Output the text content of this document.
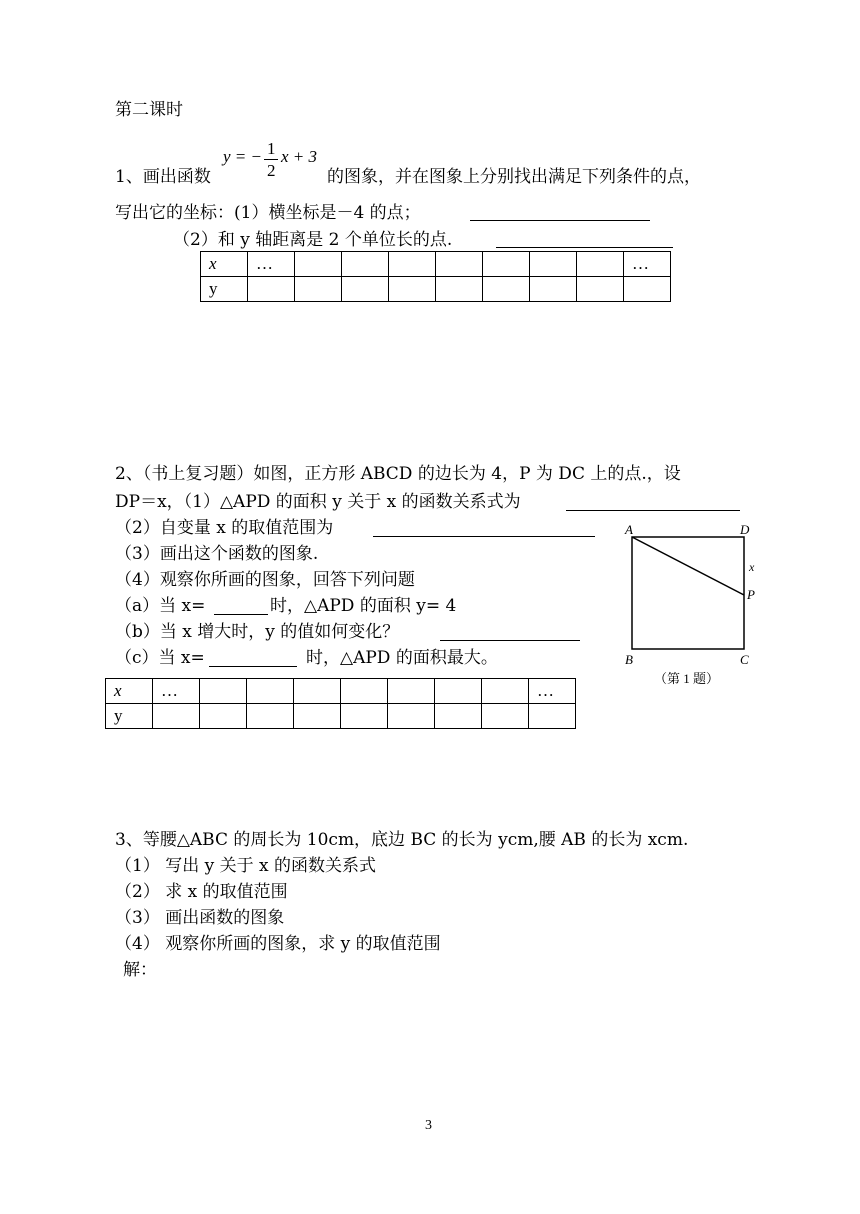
第二课时
1、画出函数
y = − 1
2
x + 3
的图象，并在图象上分别找出满足下列条件的点，
写出它的坐标：(1）横坐标是－4 的点；
（2）和 y 轴距离是 2 个单位长的点.
x	…								…
y									
2、（书上复习题）如图，正方形 ABCD 的边长为 4，P 为 DC 上的点.，设
DP＝x，（1）△APD 的面积 y 关于 x 的函数关系式为
（2）自变量 x 的取值范围为
（3）画出这个函数的图象.
（4）观察你所画的图象，回答下列问题
（a）当 x=	时，△APD 的面积 y= 4
（b）当 x 增大时，y 的值如何变化？
（c）当 x=	时，△APD 的面积最大。
A	D
B	C
P
x
（第 1 题）
x	…								…
y									
3、等腰△ABC 的周长为 10cm，底边 BC 的长为 ycm,腰 AB 的长为 xcm.
（1） 写出 y 关于 x 的函数关系式
（2） 求 x 的取值范围
（3） 画出函数的图象
（4） 观察你所画的图象，求 y 的取值范围
解：
3
